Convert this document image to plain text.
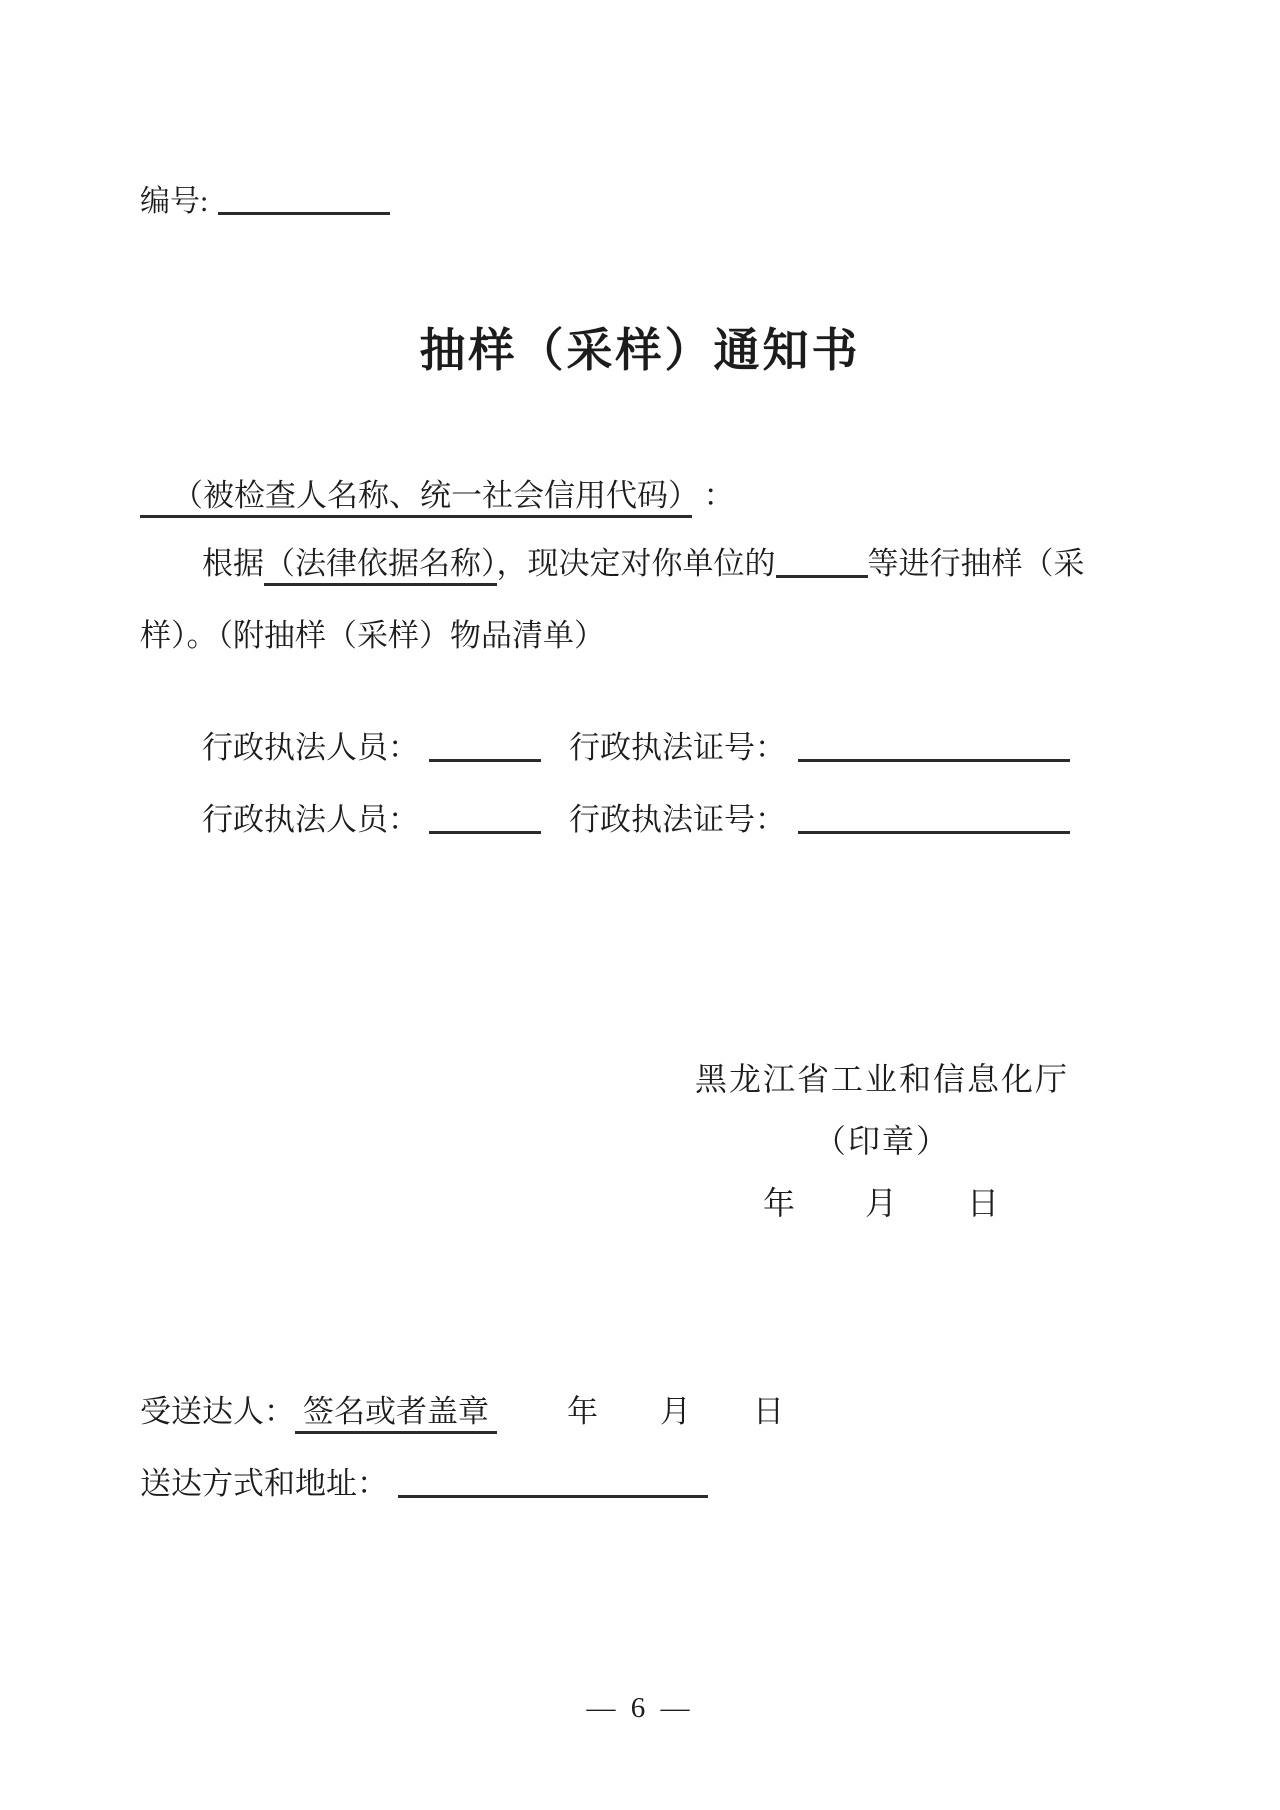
编号:
抽样（采样）通知书
（被检查人名称、统一社会信用代码） ：
根据（法律依据名称），现决定对你单位的	等进行抽样（采样）。（附抽样（采样）物品清单）
行政执法人员：	行政执法证号：
行政执法人员：	行政执法证号：
黑龙江省工业和信息化厅
（印章）
年　　月　　日
受送达人： 签名或者盖章	年　　月　　日
送达方式和地址：
— 6 —
